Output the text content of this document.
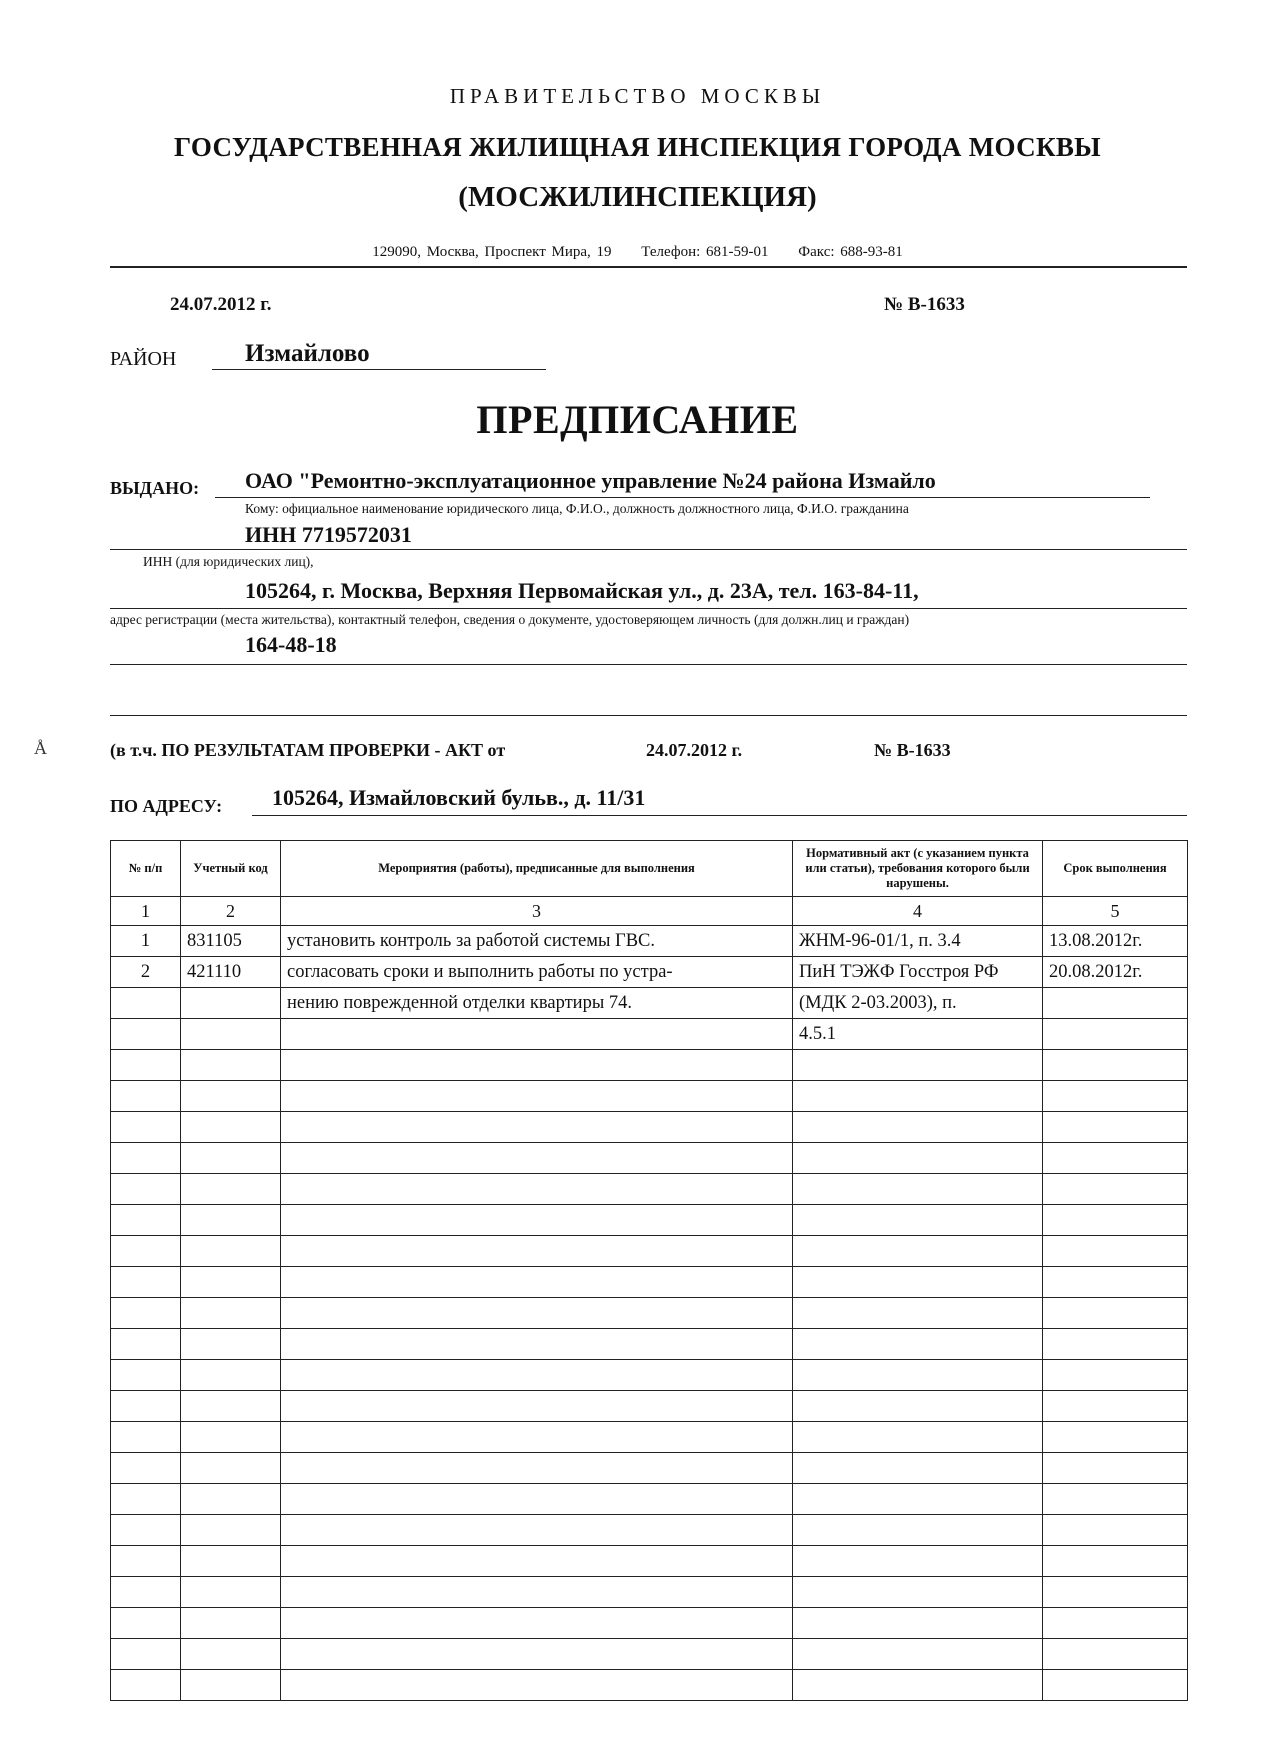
ПРАВИТЕЛЬСТВО МОСКВЫ
ГОСУДАРСТВЕННАЯ ЖИЛИЩНАЯ ИНСПЕКЦИЯ ГОРОДА МОСКВЫ
(МОСЖИЛИНСПЕКЦИЯ)
129090, Москва, Проспект Мира, 19 Телефон: 681-59-01 Факс: 688-93-81
24.07.2012 г.	№ В-1633
РАЙОН	Измайлово
ПРЕДПИСАНИЕ
ВЫДАНО: ОАО "Ремонтно-эксплуатационное управление №24 района Измайло
Кому: официальное наименование юридического лица, Ф.И.О., должность должностного лица, Ф.И.О. гражданина
ИНН 7719572031
ИНН (для юридических лиц),
105264, г. Москва, Верхняя Первомайская ул., д. 23А, тел. 163-84-11,
адрес регистрации (места жительства), контактный телефон, сведения о документе, удостоверяющем личность (для должн.лиц и граждан)
164-48-18
Å	(в т.ч. ПО РЕЗУЛЬТАТАМ ПРОВЕРКИ - АКТ от	24.07.2012 г.	№ В-1633
ПО АДРЕСУ: 105264, Измайловский бульв., д. 11/31
№ п/п	Учетный код	Мероприятия (работы), предписанные для выполнения	Нормативный акт (с указанием пункта или статьи), требования которого были нарушены.	Срок выполнения
1	2	3	4	5
1	831105	установить контроль за работой системы ГВС.	ЖНМ-96-01/1, п. 3.4	13.08.2012г.
2	421110	согласовать сроки и выполнить работы по устра-	ПиН ТЭЖФ Госстроя РФ	20.08.2012г.
		нению поврежденной отделки квартиры 74.	(МДК 2-03.2003), п.	
			4.5.1	
